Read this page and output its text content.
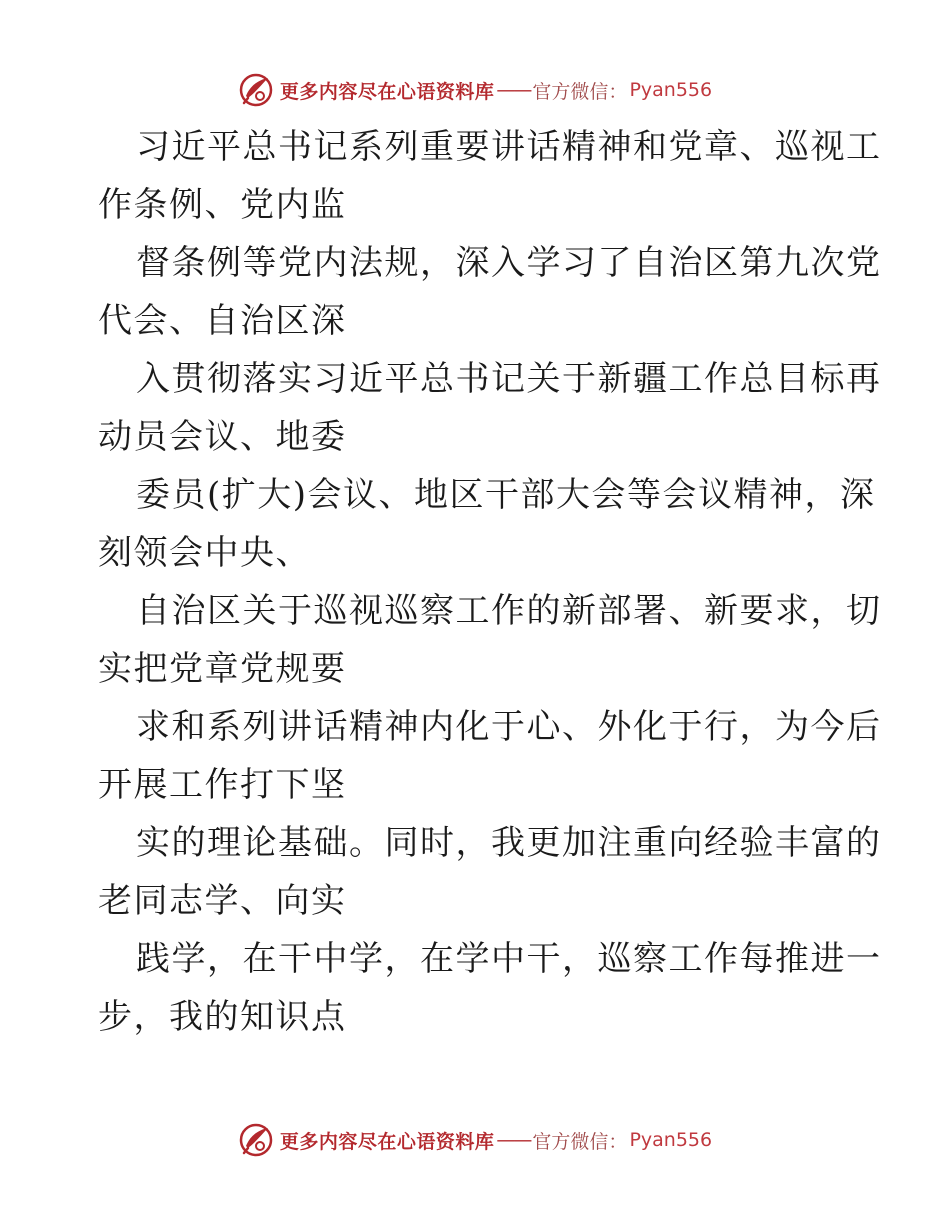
更多内容尽在心语资料库 —— 官方微信： Pyan556
习近平总书记系列重要讲话精神和党章、巡视工
作条例、党内监
督条例等党内法规，深入学习了自治区第九次党
代会、自治区深
入贯彻落实习近平总书记关于新疆工作总目标再
动员会议、地委
委员(扩大)会议、地区干部大会等会议精神，深
刻领会中央、
自治区关于巡视巡察工作的新部署、新要求，切
实把党章党规要
求和系列讲话精神内化于心、外化于行，为今后
开展工作打下坚
实的理论基础。同时，我更加注重向经验丰富的
老同志学、向实
践学，在干中学，在学中干，巡察工作每推进一
步，我的知识点
更多内容尽在心语资料库 —— 官方微信： Pyan556
